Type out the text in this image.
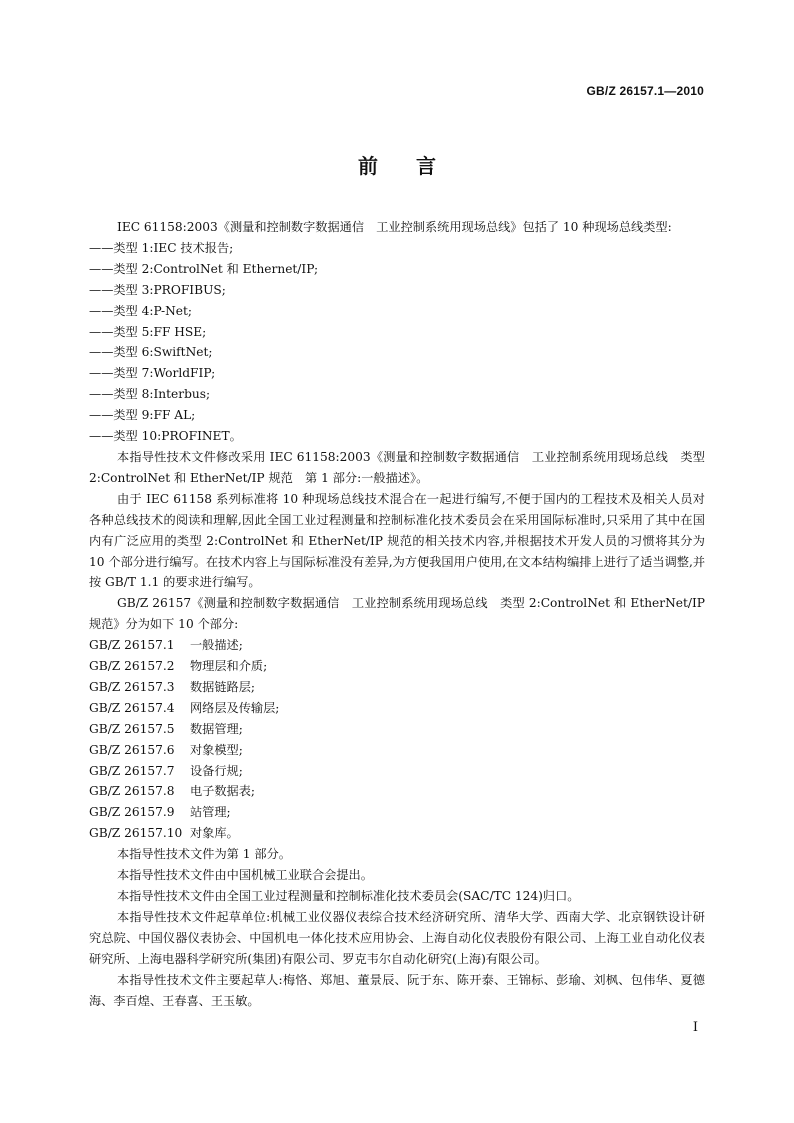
GB/Z 26157.1—2010
前言

IEC 61158:2003《测量和控制数字数据通信　工业控制系统用现场总线》包括了 10 种现场总线类型:

——类型 1:IEC 技术报告;

——类型 2:ControlNet 和 Ethernet/IP;

——类型 3:PROFIBUS;

——类型 4:P-Net;

——类型 5:FF HSE;

——类型 6:SwiftNet;

——类型 7:WorldFIP;

——类型 8:Interbus;

——类型 9:FF AL;

——类型 10:PROFINET。

本指导性技术文件修改采用 IEC 61158:2003《测量和控制数字数据通信　工业控制系统用现场总线　类型 2:ControlNet 和 EtherNet/IP 规范　第 1 部分:一般描述》。

由于 IEC 61158 系列标准将 10 种现场总线技术混合在一起进行编写,不便于国内的工程技术及相关人员对各种总线技术的阅读和理解,因此全国工业过程测量和控制标准化技术委员会在采用国际标准时,只采用了其中在国内有广泛应用的类型 2:ControlNet 和 EtherNet/IP 规范的相关技术内容,并根据技术开发人员的习惯将其分为 10 个部分进行编写。在技术内容上与国际标准没有差异,为方便我国用户使用,在文本结构编排上进行了适当调整,并按 GB/T 1.1 的要求进行编写。

GB/Z 26157《测量和控制数字数据通信　工业控制系统用现场总线　类型 2:ControlNet 和 EtherNet/IP 规范》分为如下 10 个部分:

GB/Z 26157.1 一般描述;

GB/Z 26157.2 物理层和介质;

GB/Z 26157.3 数据链路层;

GB/Z 26157.4 网络层及传输层;

GB/Z 26157.5 数据管理;

GB/Z 26157.6 对象模型;

GB/Z 26157.7 设备行规;

GB/Z 26157.8 电子数据表;

GB/Z 26157.9 站管理;

GB/Z 26157.10 对象库。

本指导性技术文件为第 1 部分。

本指导性技术文件由中国机械工业联合会提出。

本指导性技术文件由全国工业过程测量和控制标准化技术委员会(SAC/TC 124)归口。

本指导性技术文件起草单位:机械工业仪器仪表综合技术经济研究所、清华大学、西南大学、北京钢铁设计研究总院、中国仪器仪表协会、中国机电一体化技术应用协会、上海自动化仪表股份有限公司、上海工业自动化仪表研究所、上海电器科学研究所(集团)有限公司、罗克韦尔自动化研究(上海)有限公司。

本指导性技术文件主要起草人:梅恪、郑旭、董景辰、阮于东、陈开泰、王锦标、彭瑜、刘枫、包伟华、夏德海、李百煌、王春喜、王玉敏。

I
